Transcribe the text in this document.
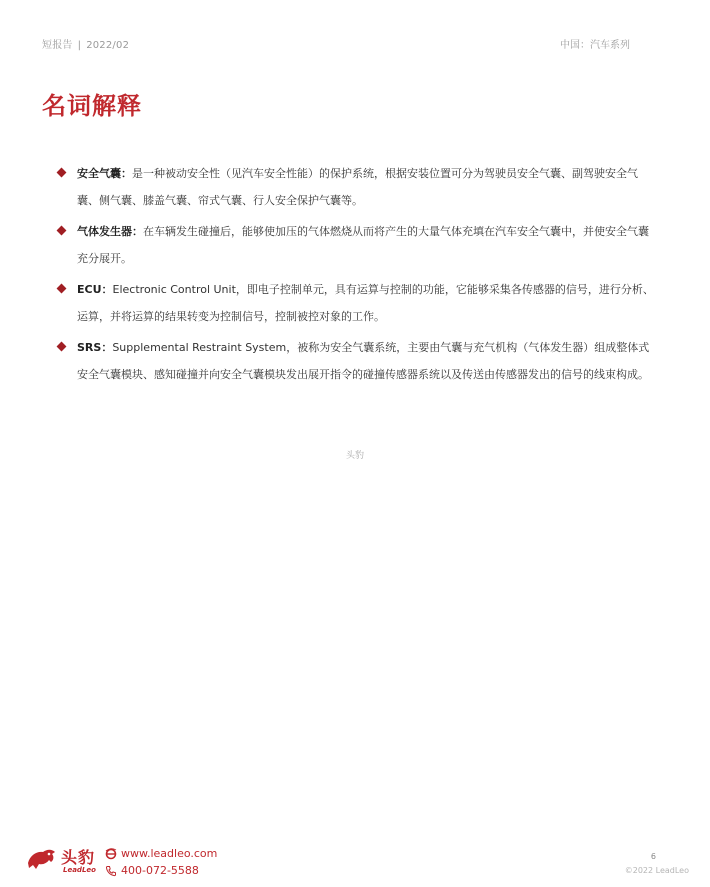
短报告 | 2022/02	中国：汽车系列
名词解释
安全气囊：是一种被动安全性（见汽车安全性能）的保护系统，根据安装位置可分为驾驶员安全气囊、副驾驶安全气囊、侧气囊、膝盖气囊、帘式气囊、行人安全保护气囊等。
气体发生器：在车辆发生碰撞后，能够使加压的气体燃烧从而将产生的大量气体充填在汽车安全气囊中，并使安全气囊充分展开。
ECU：Electronic Control Unit，即电子控制单元，具有运算与控制的功能，它能够采集各传感器的信号，进行分析、运算，并将运算的结果转变为控制信号，控制被控对象的工作。
SRS：Supplemental Restraint System，被称为安全气囊系统，主要由气囊与充气机构（气体发生器）组成整体式安全气囊模块、感知碰撞并向安全气囊模块发出展开指令的碰撞传感器系统以及传送由传感器发出的信号的线束构成。
头豹
头豹
LeadLeo
www.leadleo.com
400-072-5588
6
©2022 LeadLeo
